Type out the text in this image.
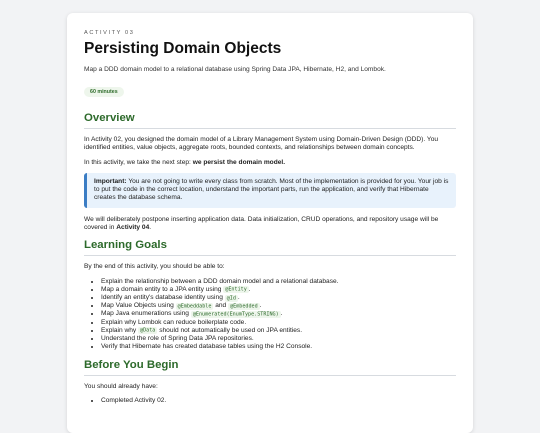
ACTIVITY 03
Persisting Domain Objects
Map a DDD domain model to a relational database using Spring Data JPA, Hibernate, H2, and Lombok.
60 minutes
Overview

In Activity 02, you designed the domain model of a Library Management System using Domain-Driven Design (DDD). You identified entities, value objects, aggregate roots, bounded contexts, and relationships between domain concepts.

In this activity, we take the next step: we persist the domain model.

Important: You are not going to write every class from scratch. Most of the implementation is provided for you. Your job is to put the code in the correct location, understand the important parts, run the application, and verify that Hibernate creates the database schema.

We will deliberately postpone inserting application data. Data initialization, CRUD operations, and repository usage will be covered in Activity 04.

Learning Goals

By the end of this activity, you should be able to:

• Explain the relationship between a DDD domain model and a relational database.
• Map a domain entity to a JPA entity using @Entity .
• Identify an entity's database identity using @Id .
• Map Value Objects using @Embeddable and @Embedded .
• Map Java enumerations using @Enumerated(EnumType.STRING) .
• Explain why Lombok can reduce boilerplate code.
• Explain why @Data should not automatically be used on JPA entities.
• Understand the role of Spring Data JPA repositories.
• Verify that Hibernate has created database tables using the H2 Console.
Before You Begin

You should already have:

• Completed Activity 02.
